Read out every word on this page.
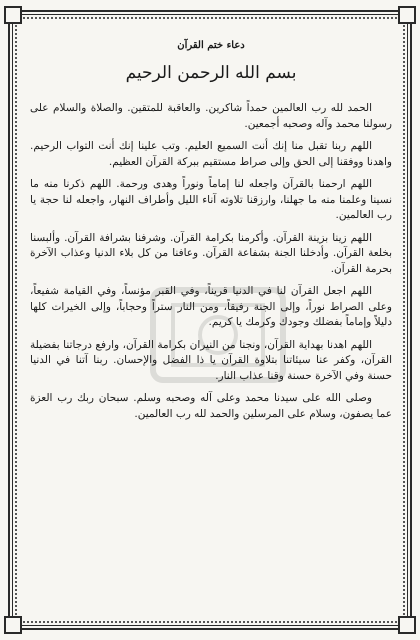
دعاء ختم القرآن
بسم الله الرحمن الرحيم

الحمد لله رب العالمين حمداً شاكرين. والعاقبة للمتقين. والصلاة والسلام على رسولنا محمد وآله وصحبه أجمعين.

اللهم ربنا تقبل منا إنك أنت السميع العليم. وتب علينا إنك أنت التواب الرحيم. واهدنا ووفقنا إلى الحق وإلى صراط مستقيم ببركة القرآن العظيم.

اللهم ارحمنا بالقرآن واجعله لنا إماماً ونوراً وهدى ورحمة. اللهم ذكرنا منه ما نسينا وعلمنا منه ما جهلنا، وارزقنا تلاوته آناء الليل وأطراف النهار، واجعله لنا حجة يا رب العالمين.

اللهم زينا بزينة القرآن. وأكرمنا بكرامة القرآن. وشرفنا بشرافة القرآن. وألبسنا بخلعة القرآن. وأدخلنا الجنة بشفاعة القرآن. وعافنا من كل بلاء الدنيا وعذاب الآخرة بحرمة القرآن.

اللهم اجعل القرآن لنا في الدنيا قريناً، وفي القبر مؤنساً، وفي القيامة شفيعاً، وعلى الصراط نوراً، وإلى الجنة رفيقاً، ومن النار ستراً وحجاباً، وإلى الخيرات كلها دليلاً وإماماً بفضلك وجودك وكرمك يا كريم.

اللهم اهدنا بهداية القرآن، ونجنا من النيران بكرامة القرآن، وارفع درجاتنا بفضيلة القرآن، وكفر عنا سيئاتنا بتلاوة القرآن يا ذا الفضل والإحسان. ربنا آتنا في الدنيا حسنة وفي الآخرة حسنة وقنا عذاب النار.

وصلى الله على سيدنا محمد وعلى آله وصحبه وسلم. سبحان ربك رب العزة عما يصفون، وسلام على المرسلين والحمد لله رب العالمين.
